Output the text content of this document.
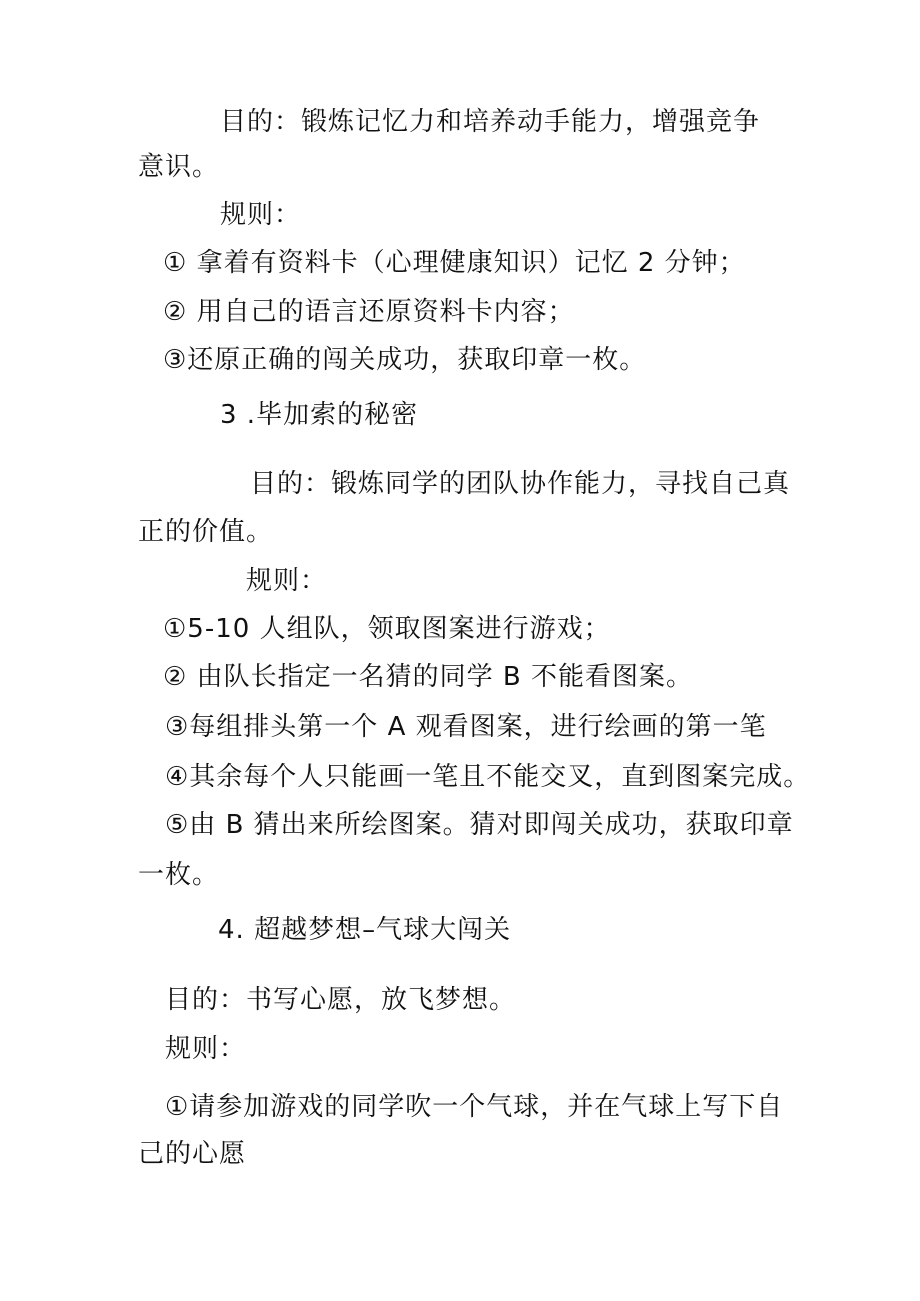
目的：锻炼记忆力和培养动手能力，增强竞争
意识。
规则：
① 拿着有资料卡（心理健康知识）记忆 2 分钟；
② 用自己的语言还原资料卡内容；
③还原正确的闯关成功，获取印章一枚。
3 .毕加索的秘密
目的：锻炼同学的团队协作能力，寻找自己真
正的价值。
规则：
①5-10 人组队，领取图案进行游戏；
② 由队长指定一名猜的同学 B 不能看图案。
③每组排头第一个 A 观看图案，进行绘画的第一笔
④其余每个人只能画一笔且不能交叉，直到图案完成。
⑤由 B 猜出来所绘图案。猜对即闯关成功，获取印章
一枚。
4. 超越梦想–气球大闯关
目的：书写心愿，放飞梦想。
规则：
①请参加游戏的同学吹一个气球，并在气球上写下自
己的心愿
